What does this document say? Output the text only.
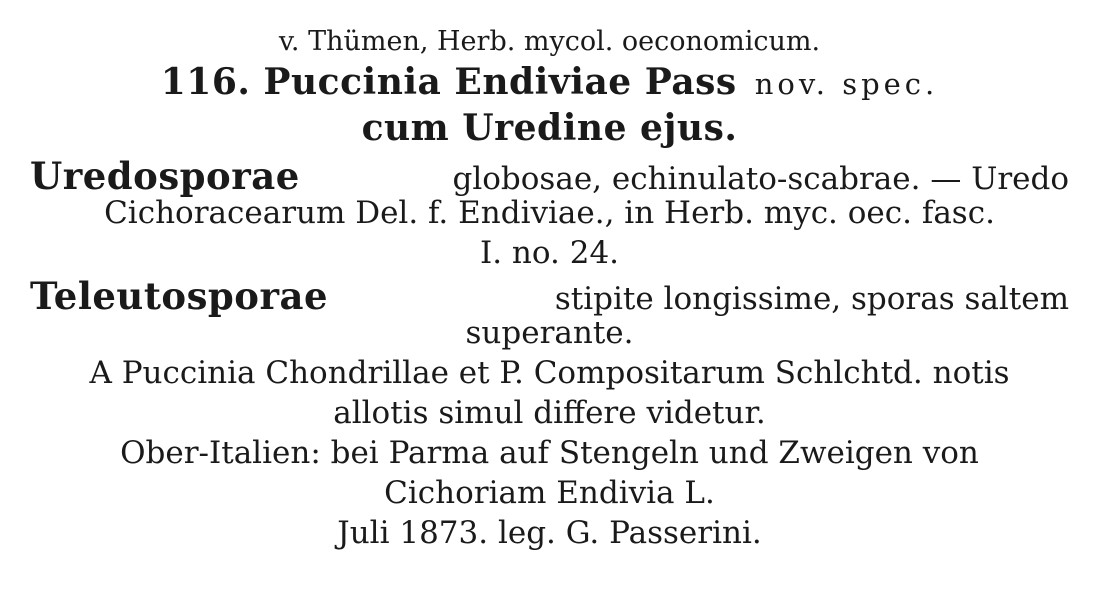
v. Thümen, Herb. mycol. oeconomicum.
116. Puccinia Endiviae Pass nov. spec.
cum Uredine ejus.
Uredosporae	globosae, echinulato-scabrae. — Uredo
Cichoracearum Del. f. Endiviae., in Herb. myc. oec. fasc.
I. no. 24.
Teleutosporae	stipite longissime, sporas saltem
superante.
A Puccinia Chondrillae et P. Compositarum Schlchtd. notis
allotis simul differe videtur.
Ober-Italien: bei Parma auf Stengeln und Zweigen von
Cichoriam Endivia L.
Juli 1873. leg. G. Passerini.
